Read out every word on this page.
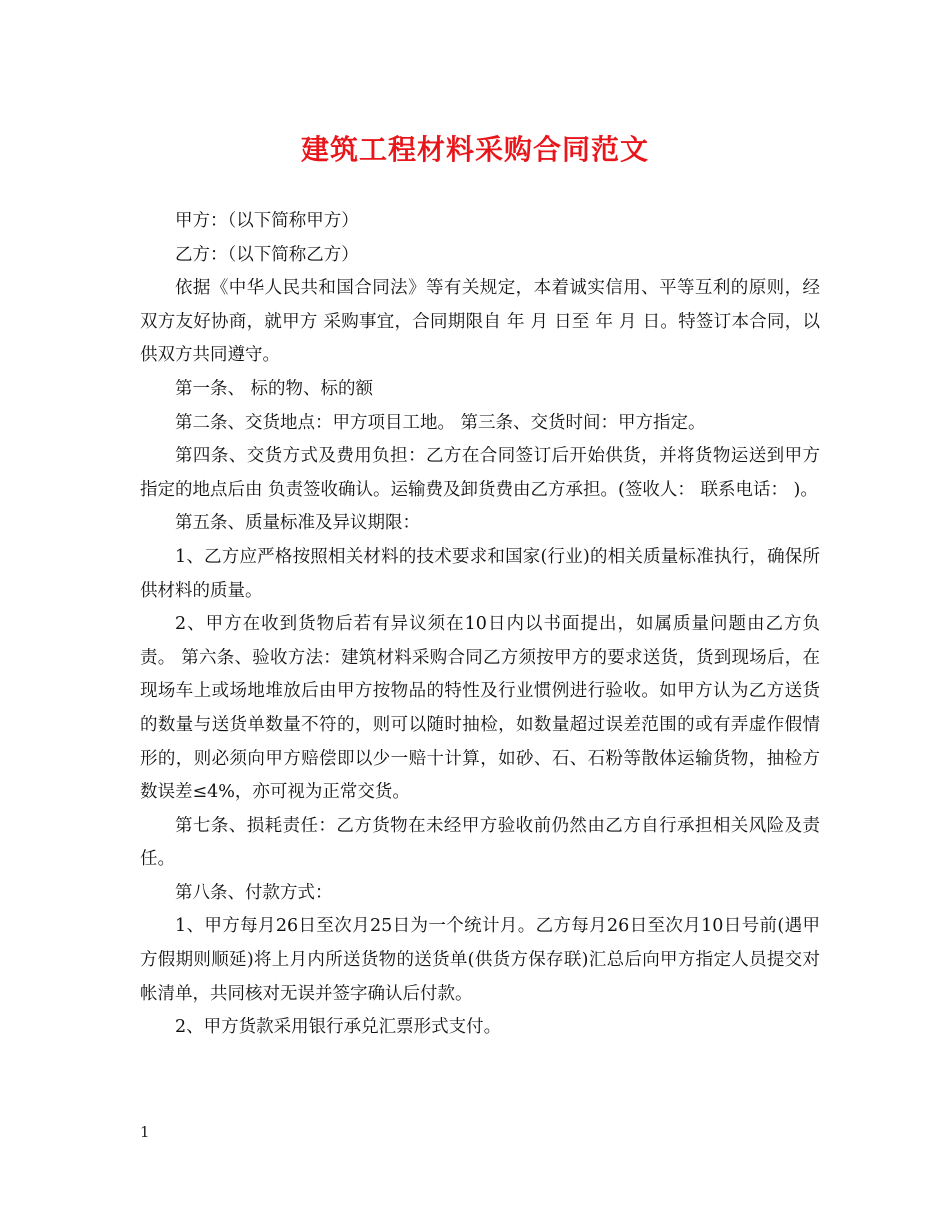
建筑工程材料采购合同范文

甲方：（以下简称甲方）

乙方：（以下简称乙方）

依据《中华人民共和国合同法》等有关规定，本着诚实信用、平等互利的原则，经双方友好协商，就甲方 采购事宜，合同期限自 年 月 日至 年 月 日。特签订本合同，以供双方共同遵守。

第一条、 标的物、标的额

第二条、交货地点：甲方项目工地。 第三条、交货时间：甲方指定。

第四条、交货方式及费用负担：乙方在合同签订后开始供货，并将货物运送到甲方指定的地点后由 负责签收确认。运输费及卸货费由乙方承担。(签收人： 联系电话： )。

第五条、质量标准及异议期限：

1、乙方应严格按照相关材料的技术要求和国家(行业)的相关质量标准执行，确保所供材料的质量。

2、甲方在收到货物后若有异议须在10日内以书面提出，如属质量问题由乙方负责。 第六条、验收方法：建筑材料采购合同乙方须按甲方的要求送货，货到现场后，在现场车上或场地堆放后由甲方按物品的特性及行业惯例进行验收。如甲方认为乙方送货的数量与送货单数量不符的，则可以随时抽检，如数量超过误差范围的或有弄虚作假情形的，则必须向甲方赔偿即以少一赔十计算，如砂、石、石粉等散体运输货物，抽检方数误差≤4%，亦可视为正常交货。

第七条、损耗责任：乙方货物在未经甲方验收前仍然由乙方自行承担相关风险及责任。

第八条、付款方式：

1、甲方每月26日至次月25日为一个统计月。乙方每月26日至次月10日号前(遇甲方假期则顺延)将上月内所送货物的送货单(供货方保存联)汇总后向甲方指定人员提交对帐清单，共同核对无误并签字确认后付款。

2、甲方货款采用银行承兑汇票形式支付。

1
